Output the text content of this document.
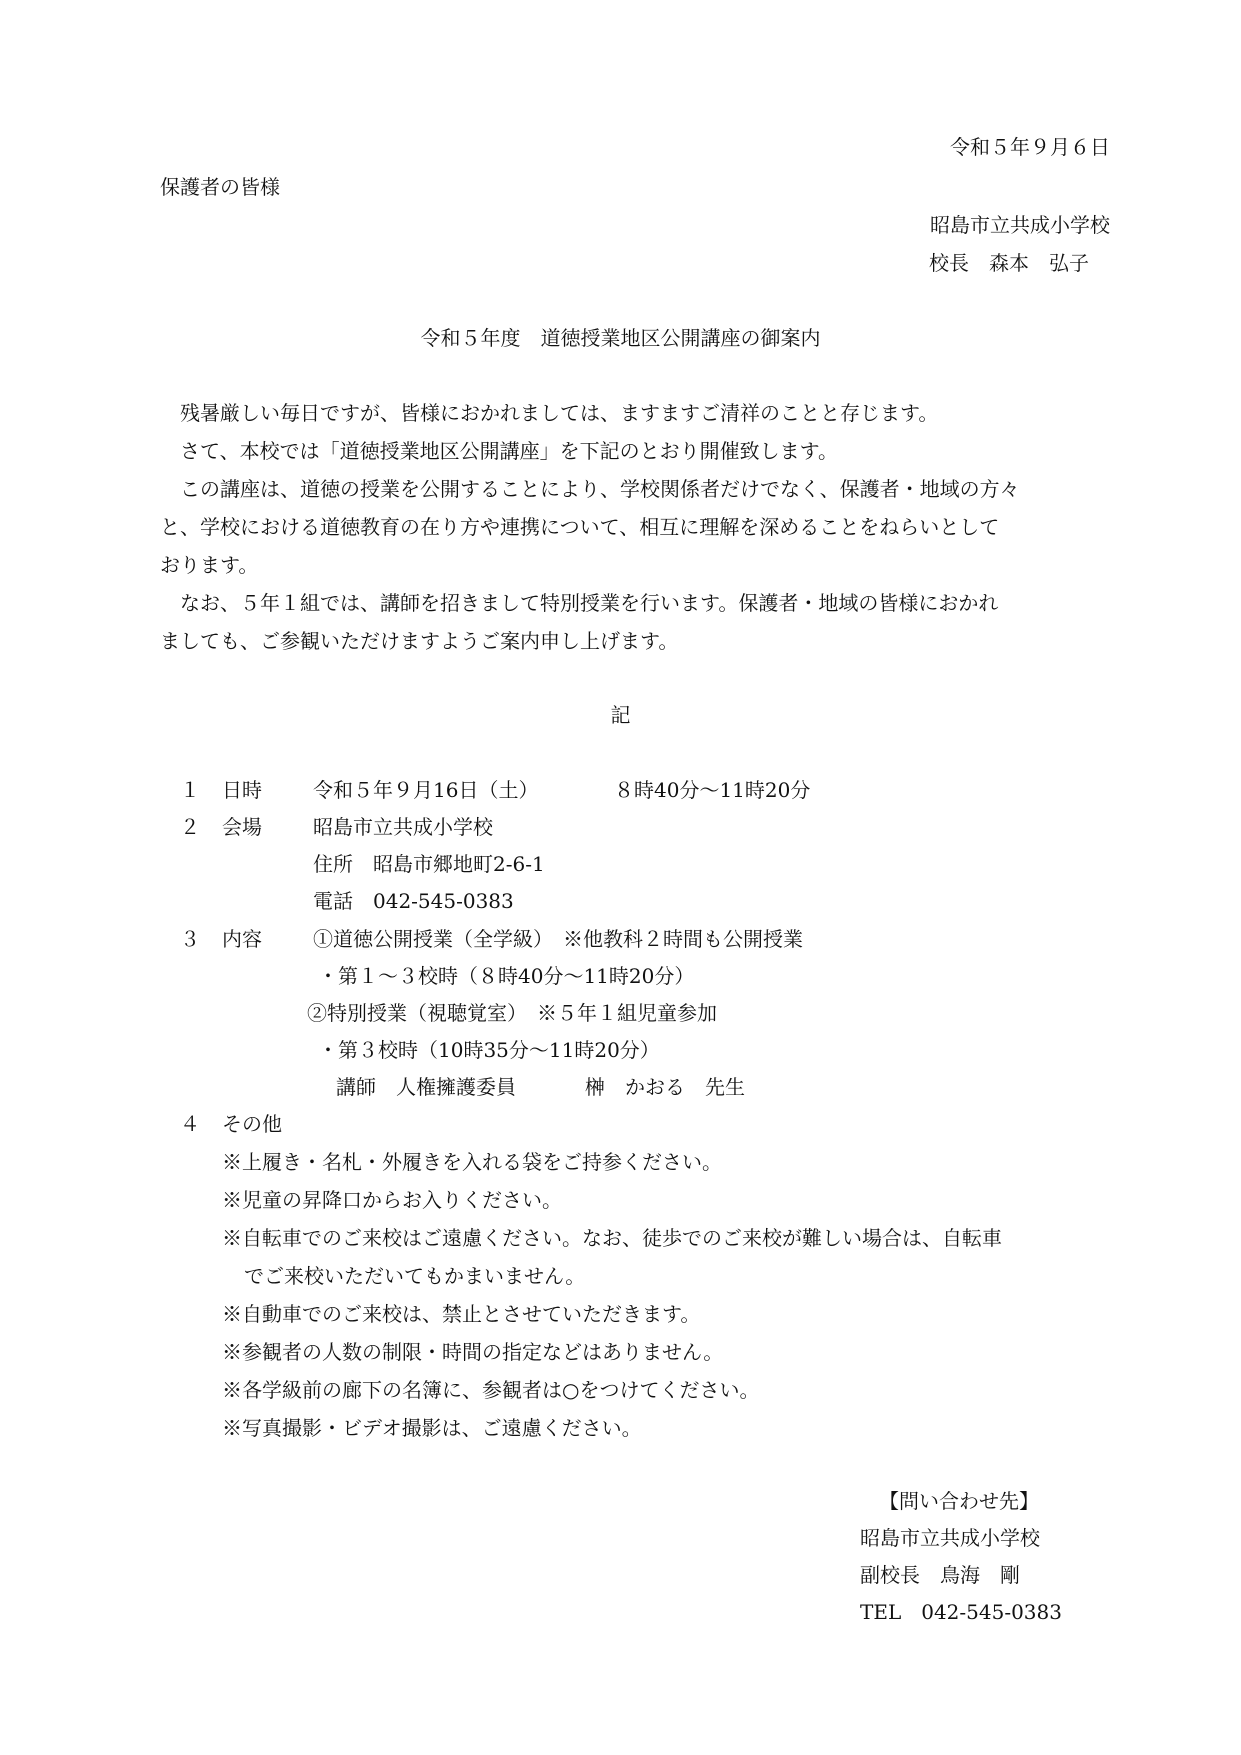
令和５年９月６日
保護者の皆様
昭島市立共成小学校
校長　森本　弘子
令和５年度　道徳授業地区公開講座の御案内
残暑厳しい毎日ですが、皆様におかれましては、ますますご清祥のことと存じます。
さて、本校では「道徳授業地区公開講座」を下記のとおり開催致します。
この講座は、道徳の授業を公開することにより、学校関係者だけでなく、保護者・地域の方々
と、学校における道徳教育の在り方や連携について、相互に理解を深めることをねらいとして
おります。
なお、５年１組では、講師を招きまして特別授業を行います。保護者・地域の皆様におかれ
ましても、ご参観いただけますようご案内申し上げます。
記
１ 日時	令和５年９月16日（土）	８時40分～11時20分
２ 会場	昭島市立共成小学校
住所　昭島市郷地町2-6-1
電話　042-545-0383
３ 内容	①道徳公開授業（全学級）　※他教科２時間も公開授業
・第１～３校時（８時40分～11時20分）
②特別授業（視聴覚室）　※５年１組児童参加
・第３校時（10時35分～11時20分）
講師　人権擁護委員	榊　かおる　先生
４ その他
※上履き・名札・外履きを入れる袋をご持参ください。
※児童の昇降口からお入りください。
※自転車でのご来校はご遠慮ください。なお、徒歩でのご来校が難しい場合は、自転車
でご来校いただいてもかまいません。
※自動車でのご来校は、禁止とさせていただきます。
※参観者の人数の制限・時間の指定などはありません。
※各学級前の廊下の名簿に、参観者は○をつけてください。
※写真撮影・ビデオ撮影は、ご遠慮ください。
【問い合わせ先】
昭島市立共成小学校
副校長　鳥海　剛
TEL　042-545-0383
